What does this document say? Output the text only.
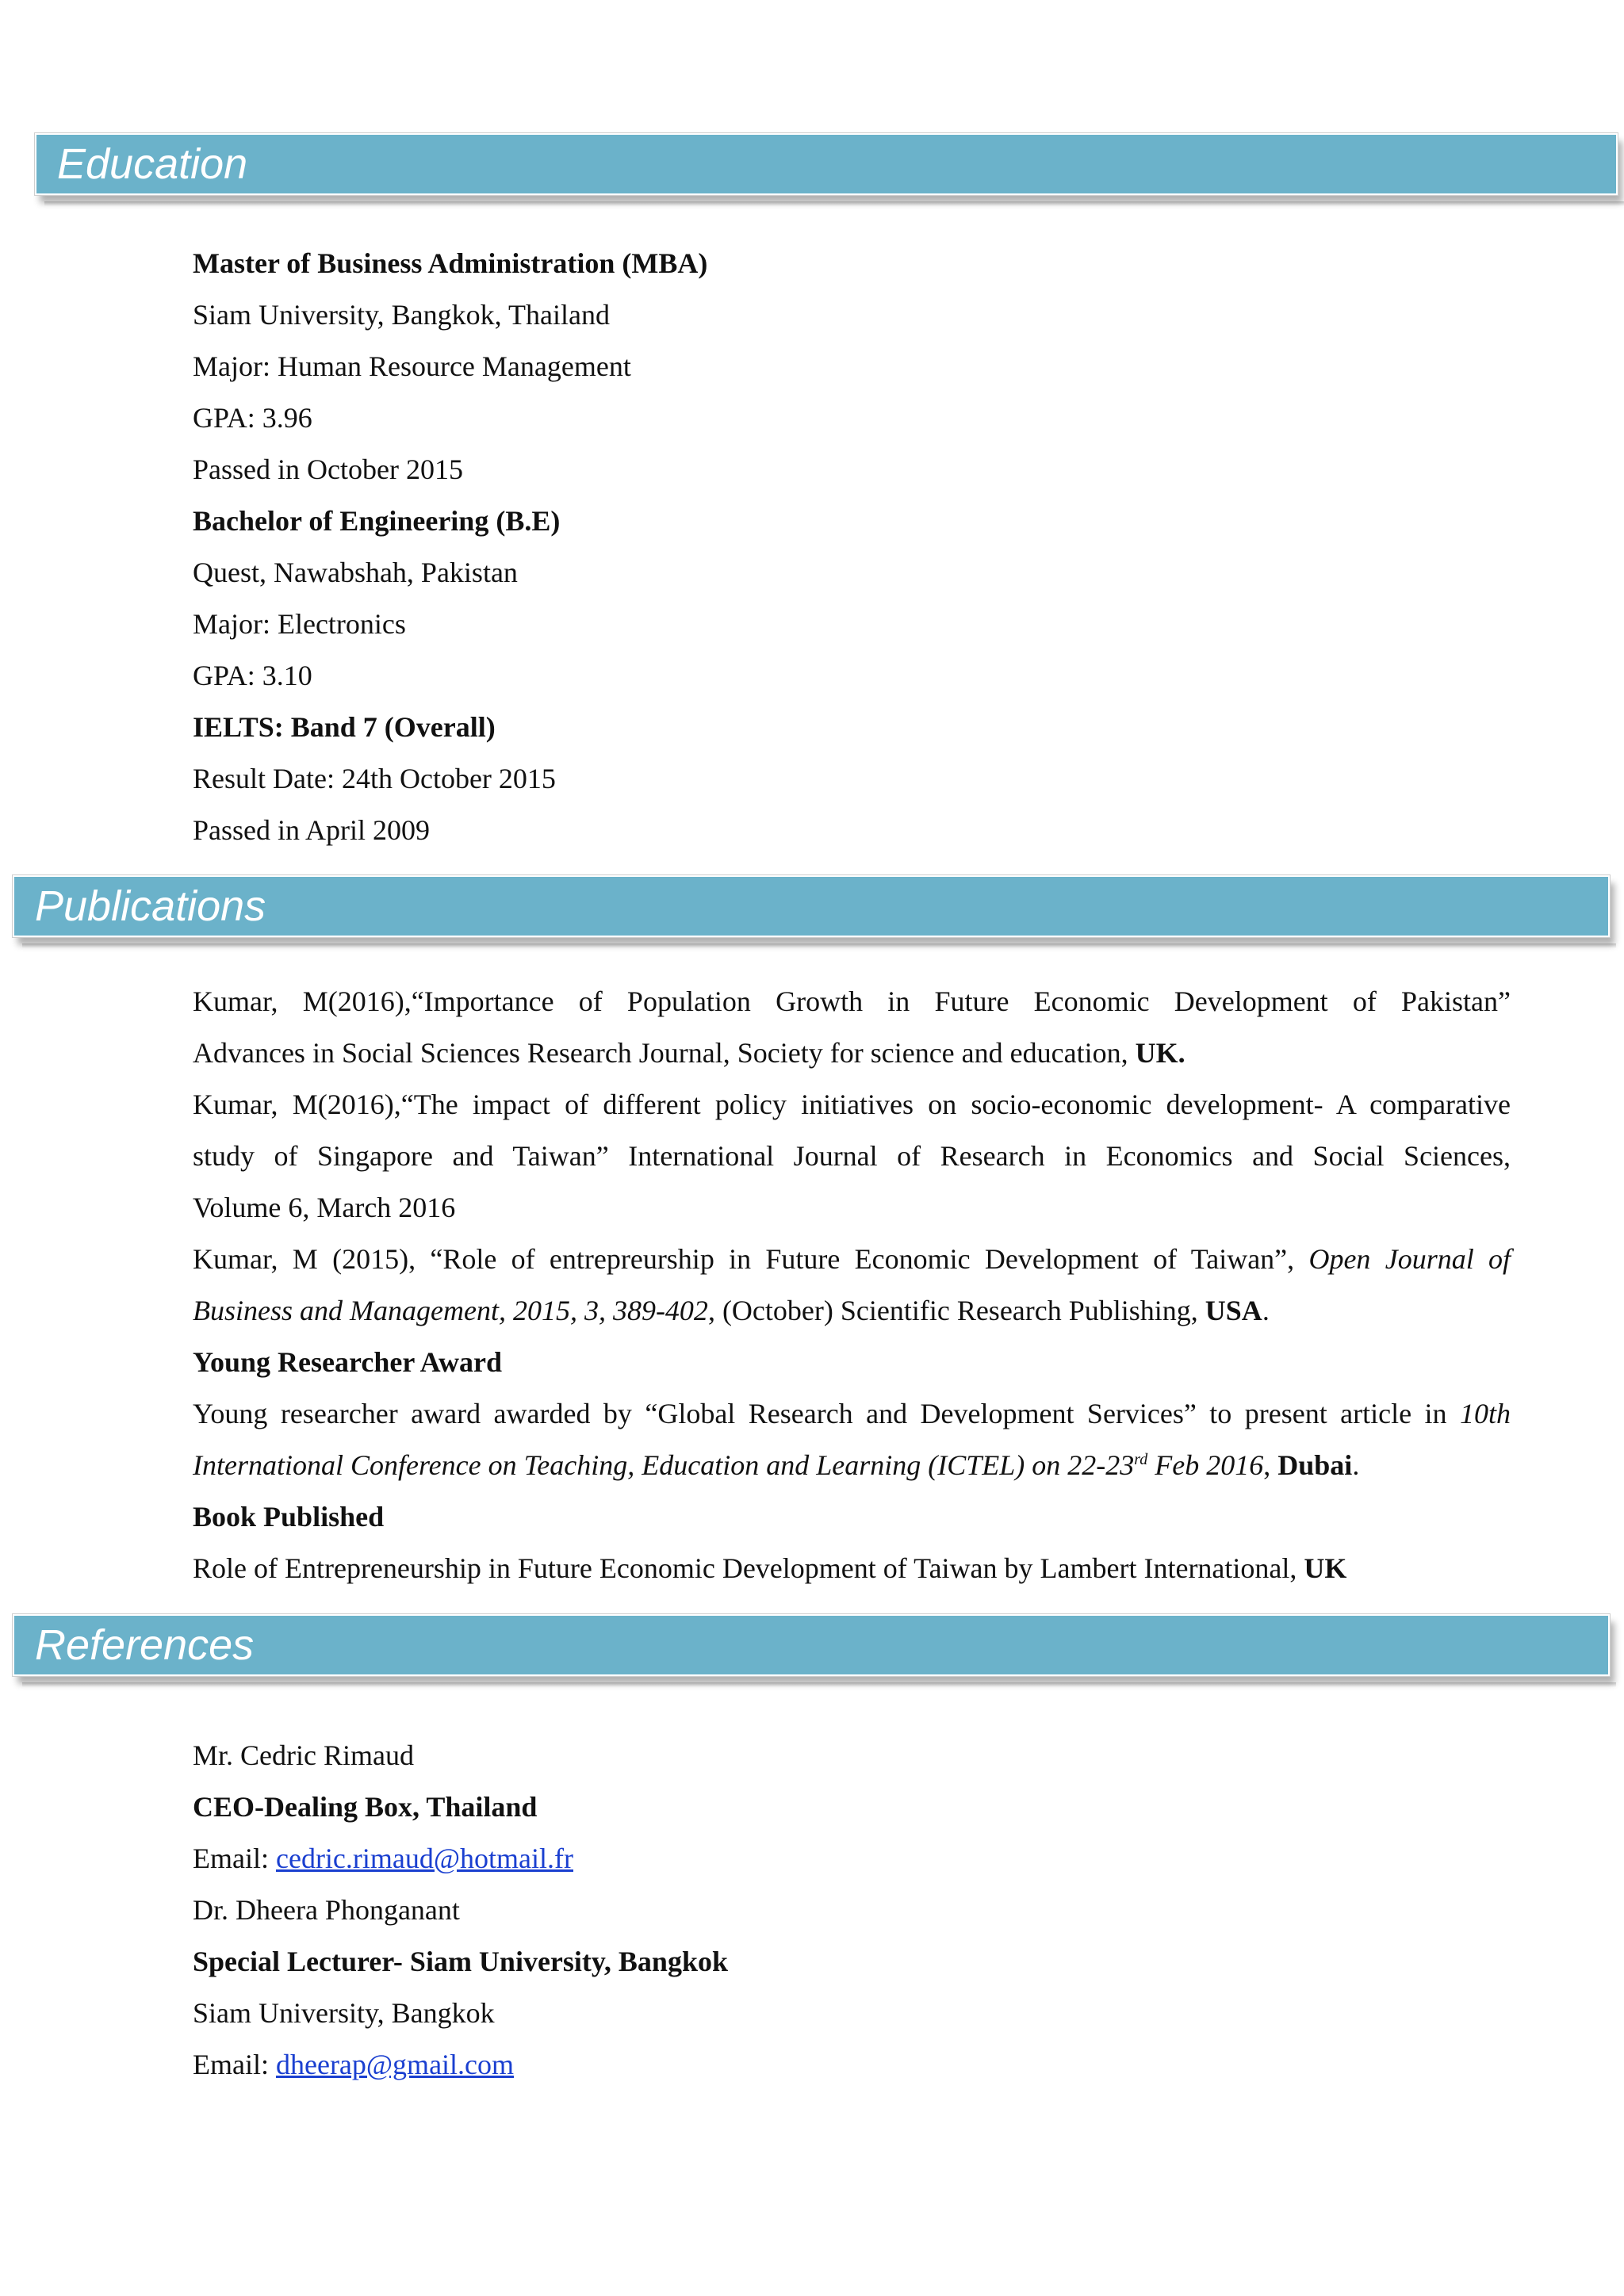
Education
Master of Business Administration (MBA)
Siam University, Bangkok, Thailand
Major: Human Resource Management
GPA: 3.96
Passed in October 2015
Bachelor of Engineering (B.E)
Quest, Nawabshah, Pakistan
Major: Electronics
GPA: 3.10
IELTS: Band 7 (Overall)
Result Date: 24th October 2015
Passed in April 2009
Publications
Kumar, M(2016),“Importance of Population Growth in Future Economic Development of Pakistan”
Advances in Social Sciences Research Journal, Society for science and education, UK.
Kumar, M(2016),“The impact of different policy initiatives on socio-economic development- A comparative
study of Singapore and Taiwan” International Journal of Research in Economics and Social Sciences,
Volume 6, March 2016
Kumar, M (2015), “Role of entrepreurship in Future Economic Development of Taiwan”, Open Journal of
Business and Management, 2015, 3, 389-402, (October) Scientific Research Publishing, USA.
Young Researcher Award
Young researcher award awarded by “Global Research and Development Services” to present article in 10th
International Conference on Teaching, Education and Learning (ICTEL) on 22-23rd Feb 2016, Dubai.
Book Published
Role of Entrepreneurship in Future Economic Development of Taiwan by Lambert International, UK
References
Mr. Cedric Rimaud
CEO-Dealing Box, Thailand
Email: cedric.rimaud@hotmail.fr
Dr. Dheera Phonganant
Special Lecturer- Siam University, Bangkok
Siam University, Bangkok
Email: dheerap@gmail.com
